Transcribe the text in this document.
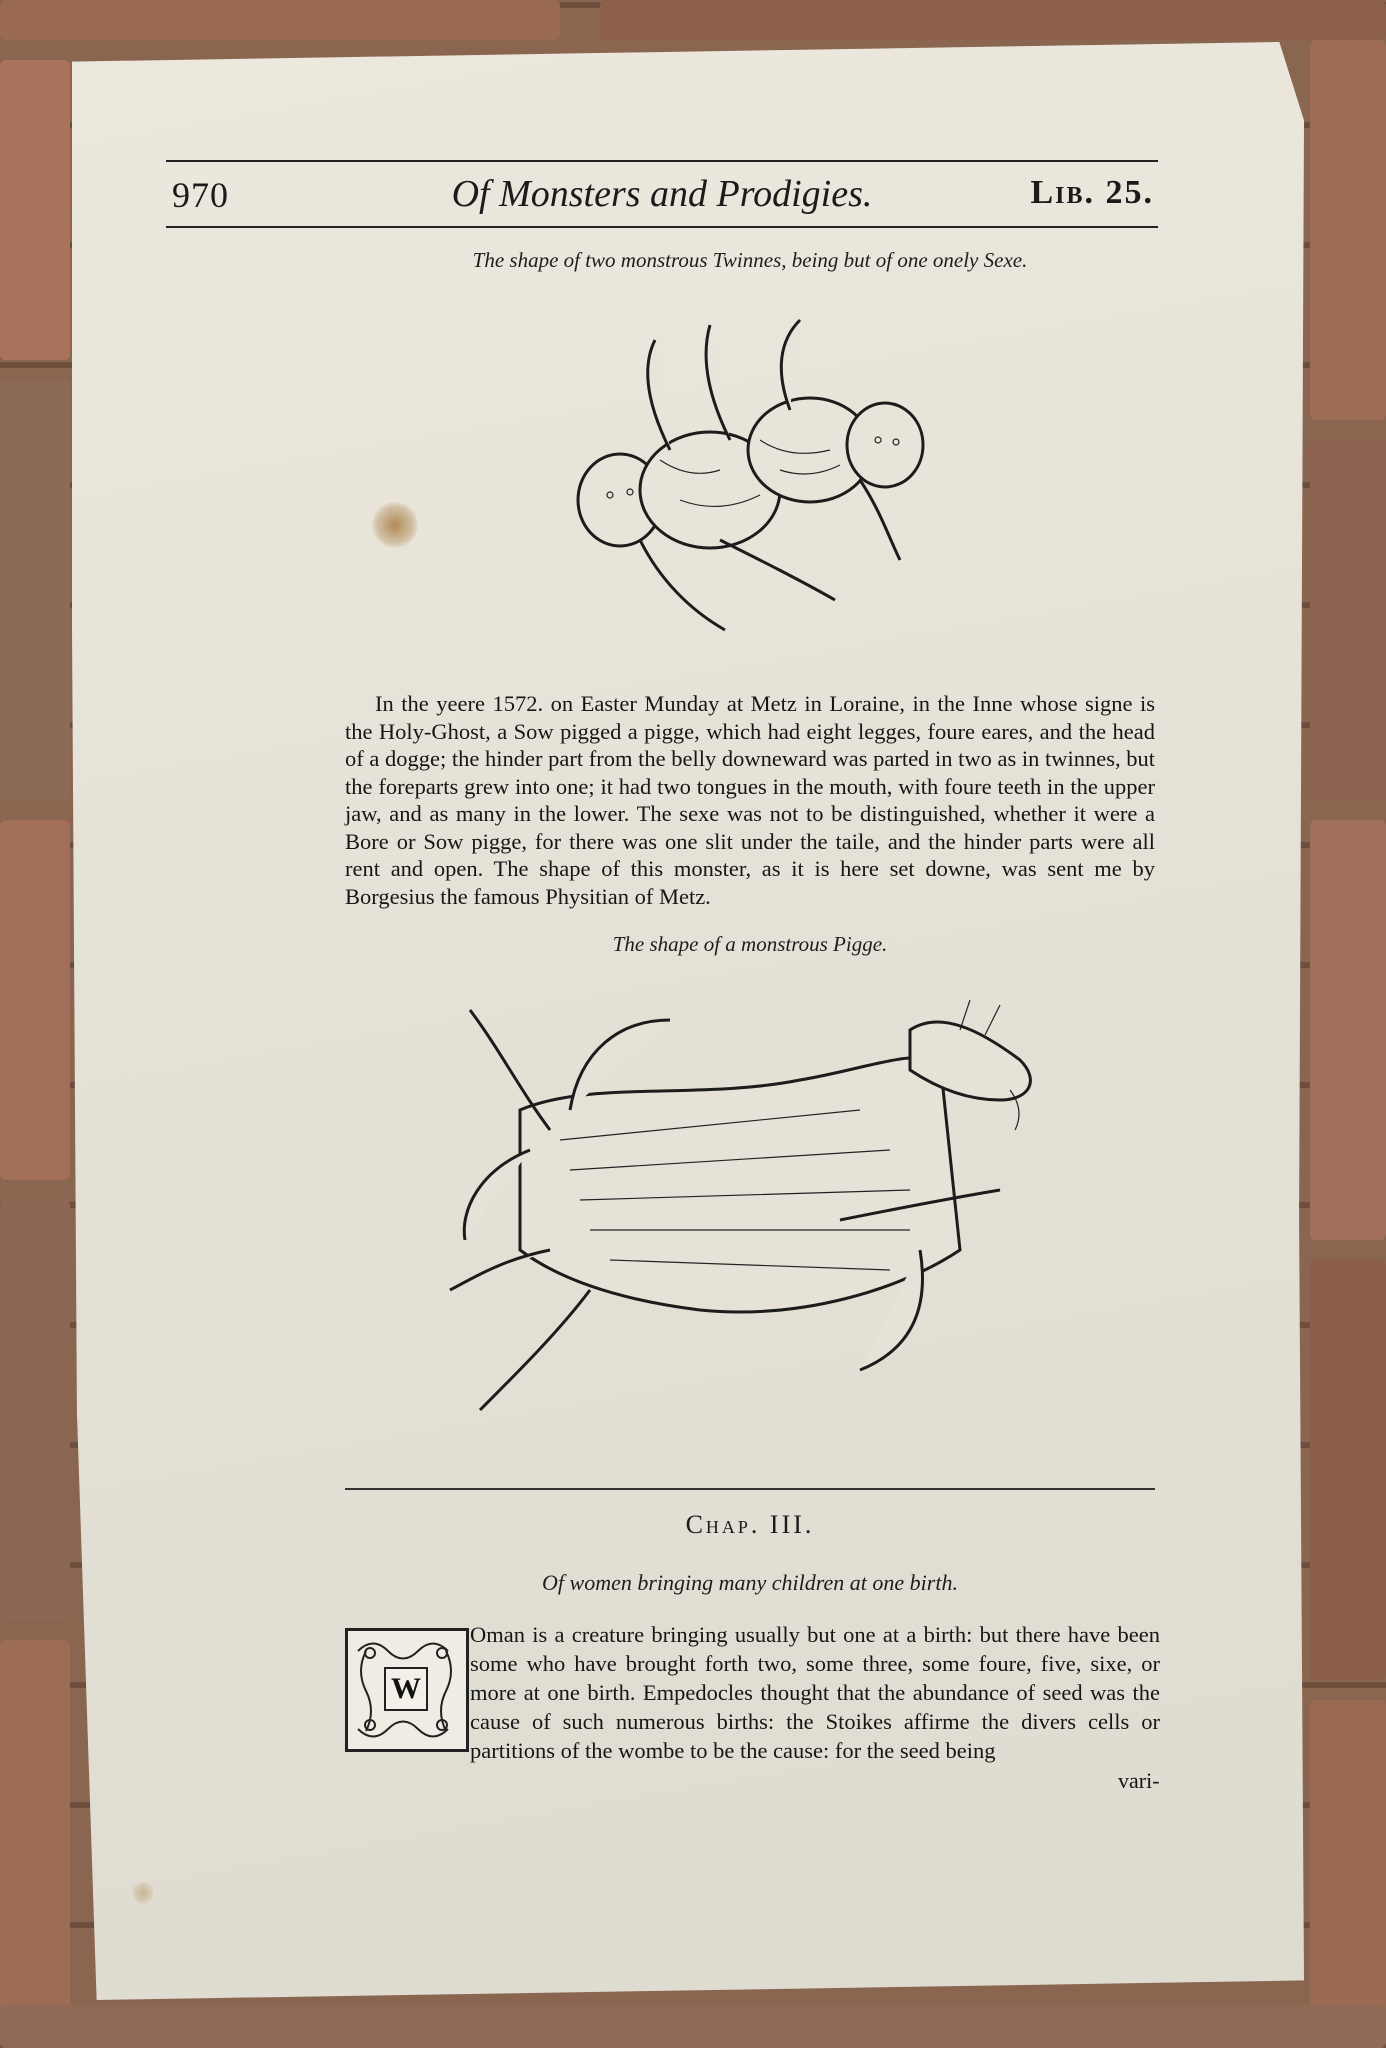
970	Of Monsters and Prodigies.	Lib. 25.
The shape of two monstrous Twinnes, being but of one onely Sexe.

In the yeere 1572. on Easter Munday at Metz in Loraine, in the Inne whose signe is the Holy-Ghost, a Sow pigged a pigge, which had eight legges, foure eares, and the head of a dogge; the hinder part from the belly downeward was parted in two as in twinnes, but the foreparts grew into one; it had two tongues in the mouth, with foure teeth in the upper jaw, and as many in the lower. The sexe was not to be distinguished, whether it were a Bore or Sow pigge, for there was one slit under the taile, and the hinder parts were all rent and open. The shape of this monster, as it is here set downe, was sent me by Borgesius the famous Physitian of Metz.

The shape of a monstrous Pigge.
Chap. III.
Of women bringing many children at one birth.
W
Oman is a creature bringing usually but one at a birth: but there have been some who have brought forth two, some three, some foure, five, sixe, or more at one birth. Empedocles thought that the abundance of seed was the cause of such numerous births: the Stoikes affirme the divers cells or partitions of the wombe to be the cause: for the seed being
vari-
